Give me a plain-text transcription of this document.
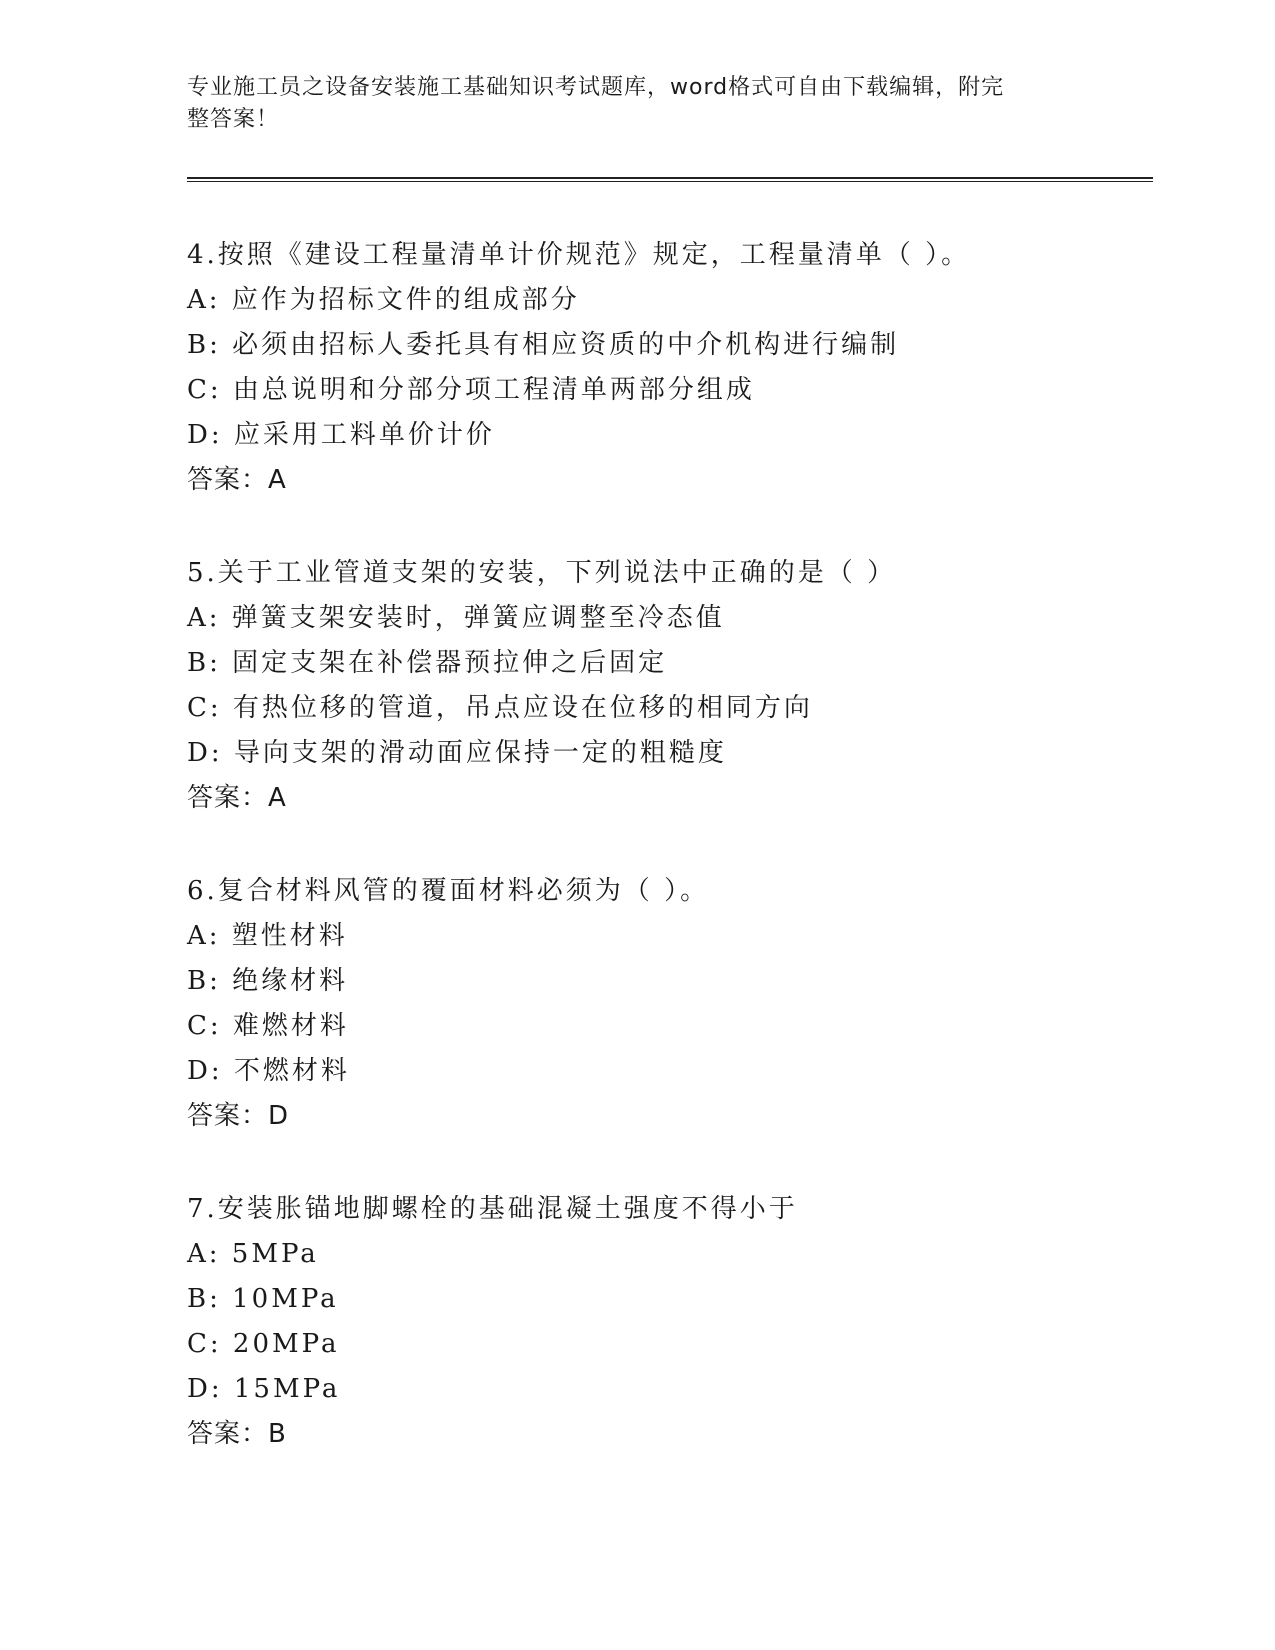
专业施工员之设备安装施工基础知识考试题库，word格式可自由下载编辑，附完
整答案！
4.按照《建设工程量清单计价规范》规定，工程量清单（ ）。
A: 应作为招标文件的组成部分
B: 必须由招标人委托具有相应资质的中介机构进行编制
C: 由总说明和分部分项工程清单两部分组成
D: 应采用工料单价计价
答案：A
5.关于工业管道支架的安装，下列说法中正确的是（ ）
A: 弹簧支架安装时，弹簧应调整至冷态值
B: 固定支架在补偿器预拉伸之后固定
C: 有热位移的管道，吊点应设在位移的相同方向
D: 导向支架的滑动面应保持一定的粗糙度
答案：A
6.复合材料风管的覆面材料必须为（ ）。
A: 塑性材料
B: 绝缘材料
C: 难燃材料
D: 不燃材料
答案：D
7.安装胀锚地脚螺栓的基础混凝土强度不得小于
A: 5MPa
B: 10MPa
C: 20MPa
D: 15MPa
答案：B
